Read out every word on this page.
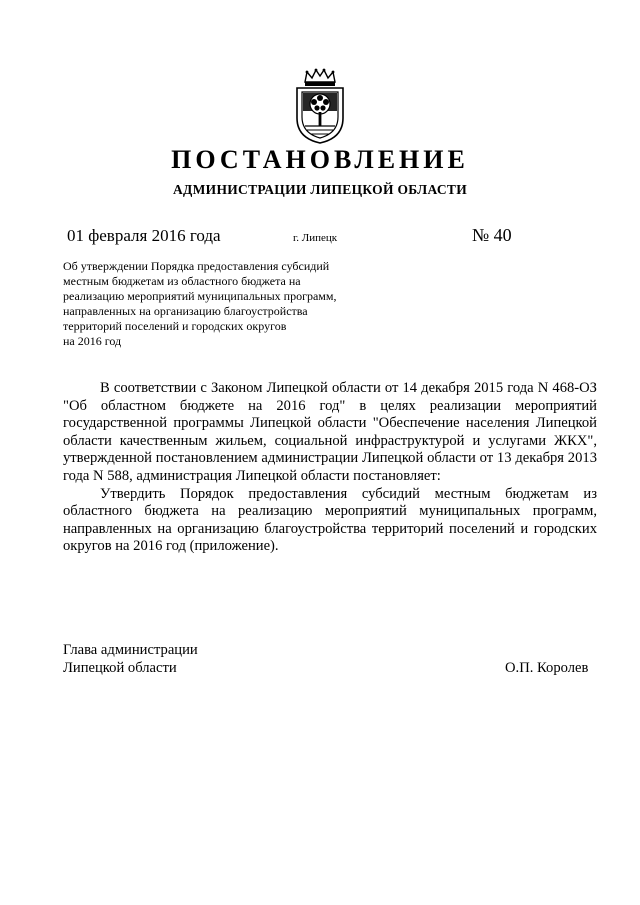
ПОСТАНОВЛЕНИЕ
АДМИНИСТРАЦИИ ЛИПЕЦКОЙ ОБЛАСТИ
01 февраля 2016 года	г. Липецк	№ 40
Об утверждении Порядка предоставления субсидий
местным бюджетам из областного бюджета на
реализацию мероприятий муниципальных программ,
направленных на организацию благоустройства
территорий поселений и городских округов
на 2016 год

В соответствии с Законом Липецкой области от 14 декабря 2015 года N 468-ОЗ "Об областном бюджете на 2016 год" в целях реализации мероприятий государственной программы Липецкой области "Обеспечение населения Липецкой области качественным жильем, социальной инфраструктурой и услугами ЖКХ", утвержденной постановлением администрации Липецкой области от 13 декабря 2013 года N 588, администрация Липецкой области постановляет:

Утвердить Порядок предоставления субсидий местным бюджетам из областного бюджета на реализацию мероприятий муниципальных программ, направленных на организацию благоустройства территорий поселений и городских округов на 2016 год (приложение).

Глава администрации
Липецкой области	О.П. Королев
